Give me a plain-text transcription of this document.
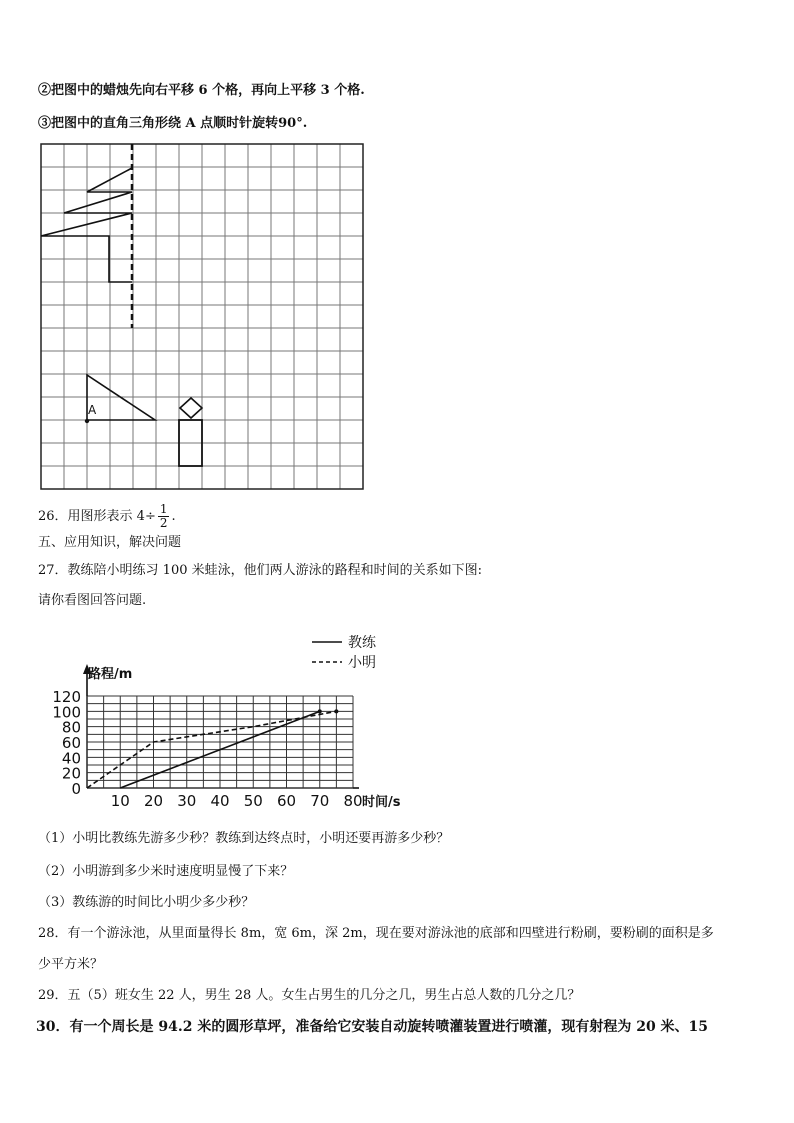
②把图中的蜡烛先向右平移 6 个格，再向上平移 3 个格.
③把图中的直角三角形绕 A 点顺时针旋转90°.
A
26．用图形表示 $4\div \frac{1}{2}$ .
五、应用知识，解决问题
27．教练陪小明练习 100 米蛙泳，他们两人游泳的路程和时间的关系如下图:
请你看图回答问题.
0
20
40
60
80
100
120
10 20 30 40 50 60 70 80
教练
小明
路程/m
时间/s
（1）小明比教练先游多少秒？教练到达终点时，小明还要再游多少秒？
（2）小明游到多少米时速度明显慢了下来？
（3）教练游的时间比小明少多少秒？
28．有一个游泳池，从里面量得长 8m，宽 6m，深 2m，现在要对游泳池的底部和四壁进行粉刷，要粉刷的面积是多
少平方米？
29．五（5）班女生 22 人，男生 28 人。女生占男生的几分之几，男生占总人数的几分之几？
30．有一个周长是 94.2 米的圆形草坪，准备给它安装自动旋转喷灌装置进行喷灌，现有射程为 20 米、15
